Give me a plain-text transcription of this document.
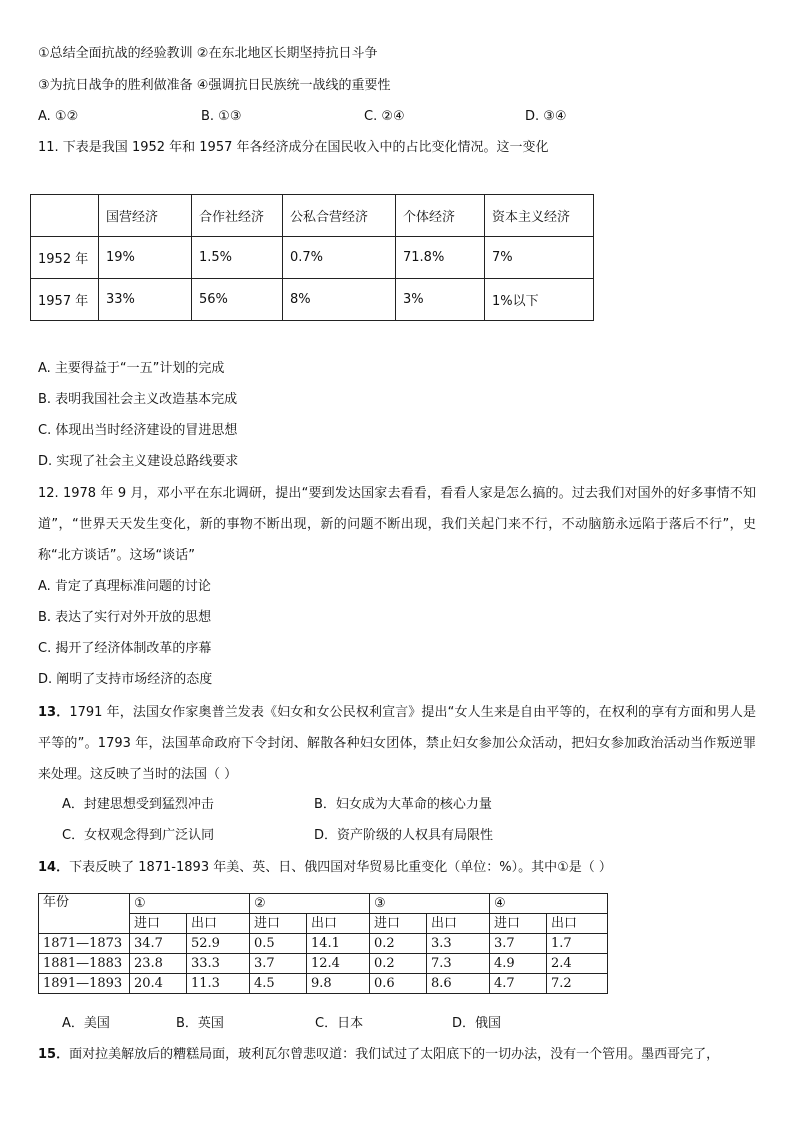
①总结全面抗战的经验教训 ②在东北地区长期坚持抗日斗争
③为抗日战争的胜利做准备 ④强调抗日民族统一战线的重要性
A. ①②	B. ①③	C. ②④	D. ③④
11. 下表是我国 1952 年和 1957 年各经济成分在国民收入中的占比变化情况。这一变化
	国营经济	合作社经济	公私合营经济	个体经济	资本主义经济
1952 年	19%	1.5%	0.7%	71.8%	7%
1957 年	33%	56%	8%	3%	1%以下
A. 主要得益于“一五”计划的完成
B. 表明我国社会主义改造基本完成
C. 体现出当时经济建设的冒进思想
D. 实现了社会主义建设总路线要求
12. 1978 年 9 月，邓小平在东北调研，提出“要到发达国家去看看，看看人家是怎么搞的。过去我们对国外的好多事情不知道”，“世界天天发生变化，新的事物不断出现，新的问题不断出现，我们关起门来不行，不动脑筋永远陷于落后不行”，史称“北方谈话”。这场“谈话”
A. 肯定了真理标准问题的讨论
B. 表达了实行对外开放的思想
C. 揭开了经济体制改革的序幕
D. 阐明了支持市场经济的态度
13．1791 年，法国女作家奥普兰发表《妇女和女公民权利宣言》提出“女人生来是自由平等的，在权利的享有方面和男人是平等的”。1793 年，法国革命政府下令封闭、解散各种妇女团体，禁止妇女参加公众活动，把妇女参加政治活动当作叛逆罪来处理。这反映了当时的法国（ ）
A．封建思想受到猛烈冲击	B．妇女成为大革命的核心力量
C．女权观念得到广泛认同	D．资产阶级的人权具有局限性
14．下表反映了 1871-1893 年美、英、日、俄四国对华贸易比重变化（单位：%）。其中①是（ ）
年份	①		②		③		④	
	进口	出口	进口	出口	进口	出口	进口	出口
1871—1873	34.7	52.9	0.5	14.1	0.2	3.3	3.7	1.7
1881—1883	23.8	33.3	3.7	12.4	0.2	7.3	4.9	2.4
1891—1893	20.4	11.3	4.5	9.8	0.6	8.6	4.7	7.2
A．美国	B．英国	C．日本	D．俄国
15．面对拉美解放后的糟糕局面，玻利瓦尔曾悲叹道：我们试过了太阳底下的一切办法，没有一个管用。墨西哥完了，
